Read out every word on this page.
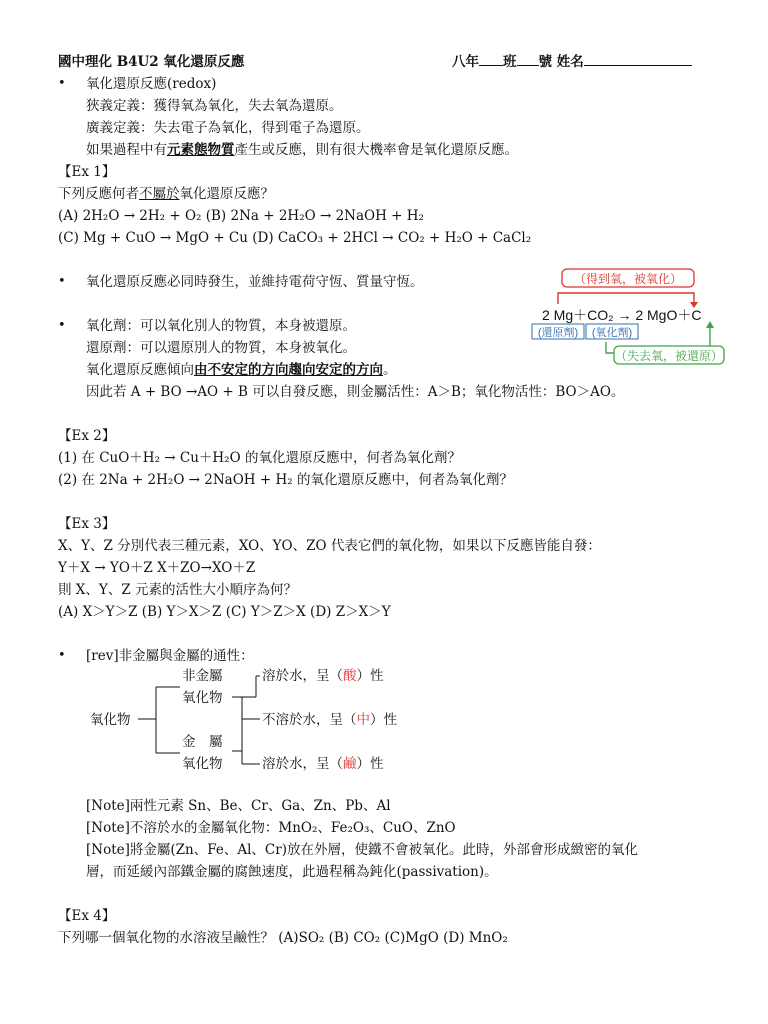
國中理化 B4U2 氧化還原反應	八年 班 號 姓名
• 氧化還原反應(redox)
狹義定義：獲得氧為氧化，失去氧為還原。
廣義定義：失去電子為氧化，得到電子為還原。
如果過程中有元素態物質產生或反應，則有很大機率會是氧化還原反應。
【Ex 1】
下列反應何者不屬於氧化還原反應？
(A) 2H₂O → 2H₂ + O₂ (B) 2Na + 2H₂O → 2NaOH + H₂
(C) Mg + CuO → MgO + Cu (D) CaCO₃ + 2HCl → CO₂ + H₂O + CaCl₂
• 氧化還原反應必同時發生，並維持電荷守恆、質量守恆。	（得到氧，被氧化）
2 Mg＋CO₂ → 2 MgO＋C
(還原劑) (氧化劑)
（失去氧，被還原）
• 氧化劑：可以氧化別人的物質，本身被還原。
還原劑：可以還原別人的物質，本身被氧化。
氧化還原反應傾向由不安定的方向趨向安定的方向。
因此若 A + BO →AO + B 可以自發反應，則金屬活性：A＞B；氧化物活性：BO＞AO。
【Ex 2】
(1) 在 CuO＋H₂ → Cu＋H₂O 的氧化還原反應中，何者為氧化劑？
(2) 在 2Na + 2H₂O → 2NaOH + H₂ 的氧化還原反應中，何者為氧化劑？
【Ex 3】
X、Y、Z 分別代表三種元素，XO、YO、ZO 代表它們的氧化物，如果以下反應皆能自發：
Y＋X → YO＋Z X＋ZO→XO＋Z
則 X、Y、Z 元素的活性大小順序為何？
(A) X＞Y＞Z (B) Y＞X＞Z (C) Y＞Z＞X (D) Z＞X＞Y
• [rev]非金屬與金屬的通性：
氧化物
非金屬
氧化物
金　屬
氧化物
溶於水，呈（酸）性
不溶於水，呈（中）性
溶於水，呈（鹼）性
[Note]兩性元素 Sn、Be、Cr、Ga、Zn、Pb、Al
[Note]不溶於水的金屬氧化物：MnO₂、Fe₂O₃、CuO、ZnO
[Note]將金屬(Zn、Fe、Al、Cr)放在外層，使鐵不會被氧化。此時，外部會形成緻密的氧化
層，而延緩內部鐵金屬的腐蝕速度，此過程稱為鈍化(passivation)。
【Ex 4】
下列哪一個氧化物的水溶液呈鹼性？ (A)SO₂ (B) CO₂ (C)MgO (D) MnO₂
